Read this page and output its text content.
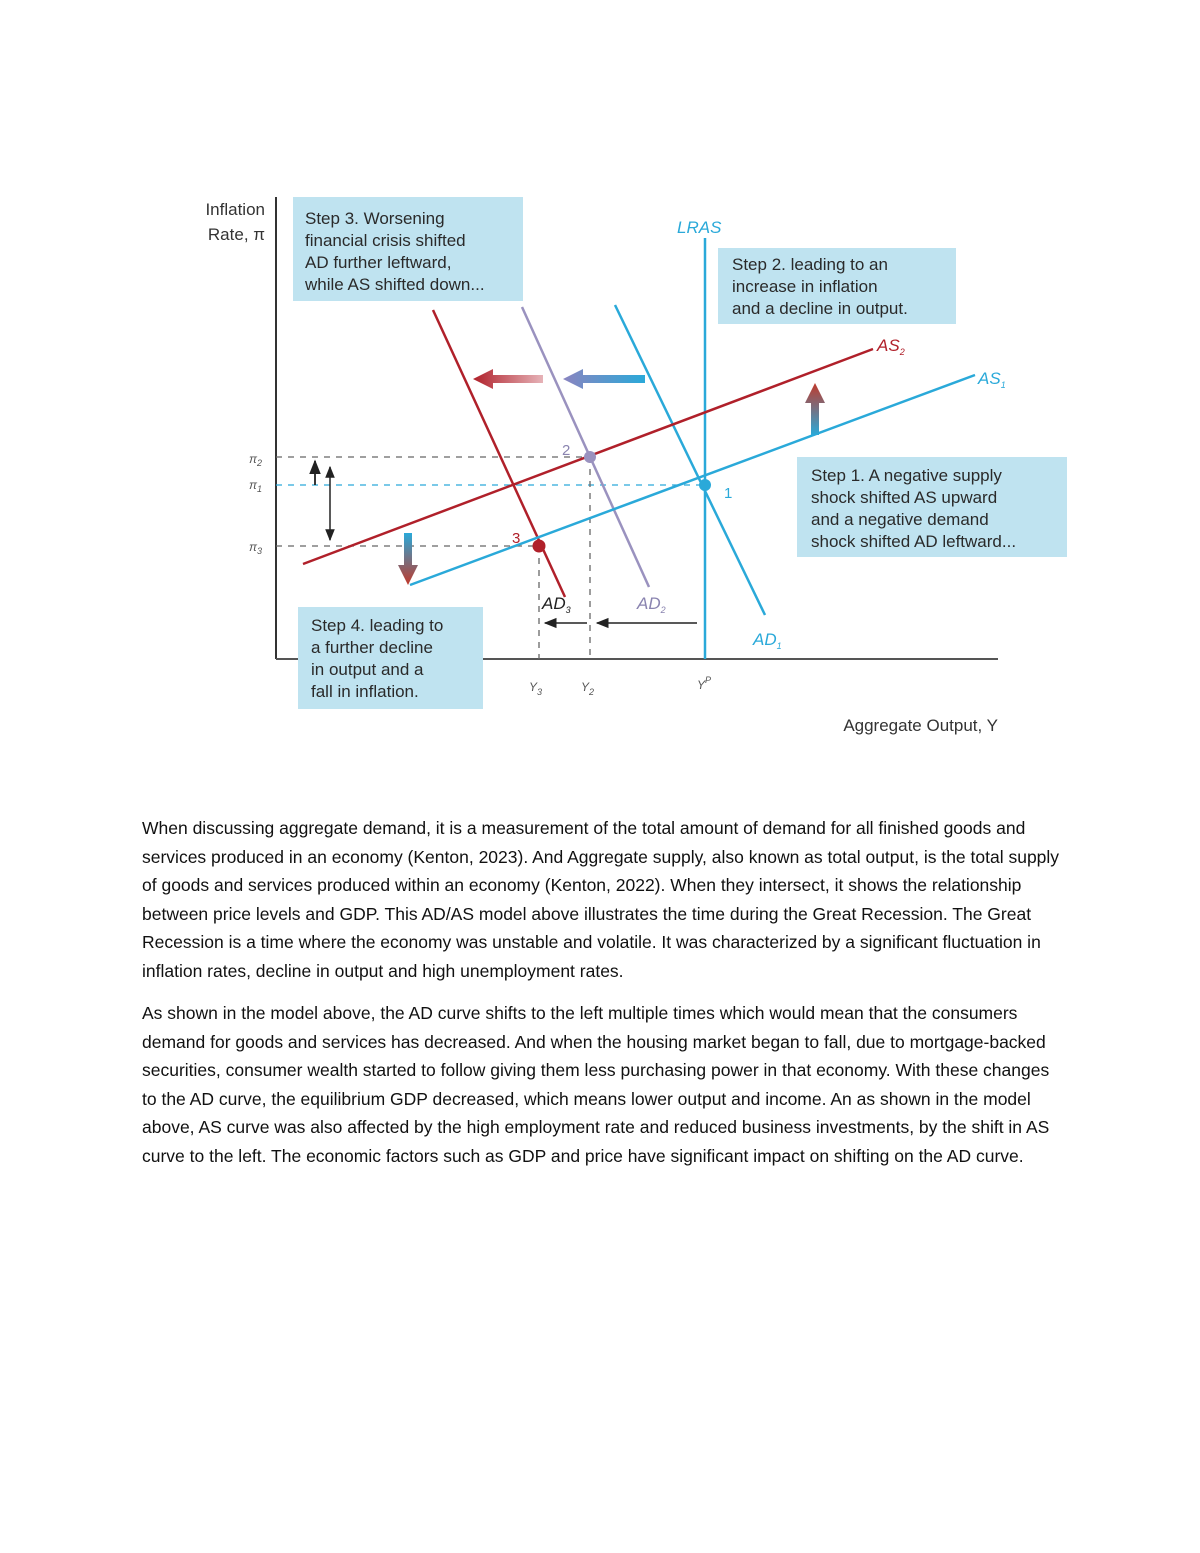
Inflation
Rate, π
Aggregate Output, Y
$\pi_2$
$\pi_1$
$\pi_3$
$Y_3$	$Y_2$	$Y^P$
LRAS
$AD_1$
$AD_2$
$AD_3$
$AS_1$
$AS_2$
1
2
3
Step 3. Worsening financial crisis shifted AD further leftward, while AS shifted down...
Step 2. leading to an increase in inflation and a decline in output.
Step 1. A negative supply shock shifted AS upward and a negative demand shock shifted AD leftward...
Step 4. leading to a further decline in output and a fall in inflation.

When discussing aggregate demand, it is a measurement of the total amount of demand for all finished goods and services produced in an economy (Kenton, 2023). And Aggregate supply, also known as total output, is the total supply of goods and services produced within an economy (Kenton, 2022). When they intersect, it shows the relationship between price levels and GDP. This AD/AS model above illustrates the time during the Great Recession. The Great Recession is a time where the economy was unstable and volatile. It was characterized by a significant fluctuation in inflation rates, decline in output and high unemployment rates.

As shown in the model above, the AD curve shifts to the left multiple times which would mean that the consumers demand for goods and services has decreased. And when the housing market began to fall, due to mortgage-backed securities, consumer wealth started to follow giving them less purchasing power in that economy. With these changes to the AD curve, the equilibrium GDP decreased, which means lower output and income. An as shown in the model above, AS curve was also affected by the high employment rate and reduced business investments, by the shift in AS curve to the left. The economic factors such as GDP and price have significant impact on shifting on the AD curve.
